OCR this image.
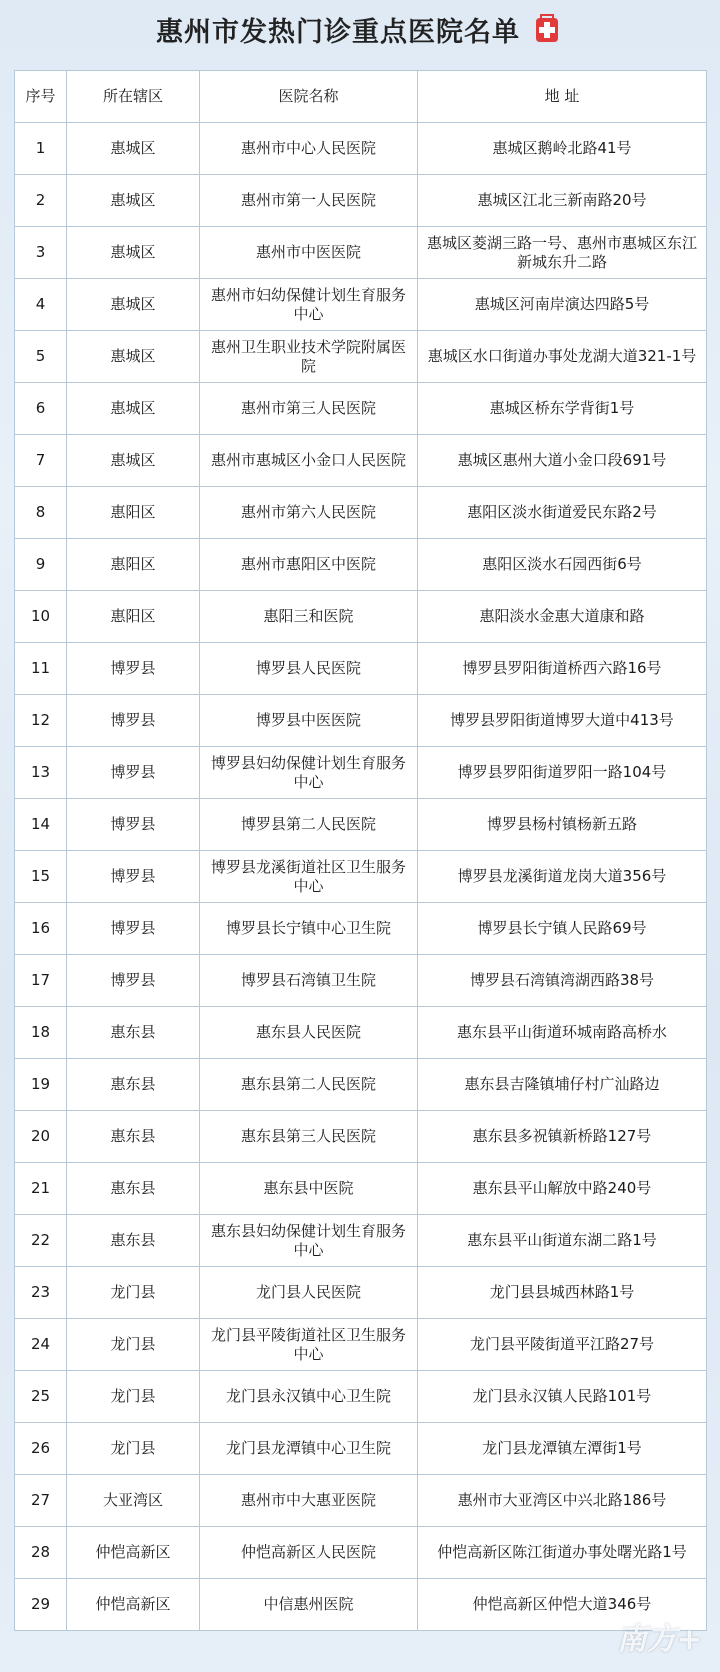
惠州市发热门诊重点医院名单
序号	所在辖区	医院名称	地 址
1	惠城区	惠州市中心人民医院	惠城区鹅岭北路41号
2	惠城区	惠州市第一人民医院	惠城区江北三新南路20号
3	惠城区	惠州市中医医院	惠城区菱湖三路一号、惠州市惠城区东江新城东升二路
4	惠城区	惠州市妇幼保健计划生育服务中心	惠城区河南岸演达四路5号
5	惠城区	惠州卫生职业技术学院附属医院	惠城区水口街道办事处龙湖大道321-1号
6	惠城区	惠州市第三人民医院	惠城区桥东学背街1号
7	惠城区	惠州市惠城区小金口人民医院	惠城区惠州大道小金口段691号
8	惠阳区	惠州市第六人民医院	惠阳区淡水街道爱民东路2号
9	惠阳区	惠州市惠阳区中医院	惠阳区淡水石园西街6号
10	惠阳区	惠阳三和医院	惠阳淡水金惠大道康和路
11	博罗县	博罗县人民医院	博罗县罗阳街道桥西六路16号
12	博罗县	博罗县中医医院	博罗县罗阳街道博罗大道中413号
13	博罗县	博罗县妇幼保健计划生育服务中心	博罗县罗阳街道罗阳一路104号
14	博罗县	博罗县第二人民医院	博罗县杨村镇杨新五路
15	博罗县	博罗县龙溪街道社区卫生服务中心	博罗县龙溪街道龙岗大道356号
16	博罗县	博罗县长宁镇中心卫生院	博罗县长宁镇人民路69号
17	博罗县	博罗县石湾镇卫生院	博罗县石湾镇湾湖西路38号
18	惠东县	惠东县人民医院	惠东县平山街道环城南路高桥水
19	惠东县	惠东县第二人民医院	惠东县吉隆镇埔仔村广汕路边
20	惠东县	惠东县第三人民医院	惠东县多祝镇新桥路127号
21	惠东县	惠东县中医院	惠东县平山解放中路240号
22	惠东县	惠东县妇幼保健计划生育服务中心	惠东县平山街道东湖二路1号
23	龙门县	龙门县人民医院	龙门县县城西林路1号
24	龙门县	龙门县平陵街道社区卫生服务中心	龙门县平陵街道平江路27号
25	龙门县	龙门县永汉镇中心卫生院	龙门县永汉镇人民路101号
26	龙门县	龙门县龙潭镇中心卫生院	龙门县龙潭镇左潭街1号
27	大亚湾区	惠州市中大惠亚医院	惠州市大亚湾区中兴北路186号
28	仲恺高新区	仲恺高新区人民医院	仲恺高新区陈江街道办事处曙光路1号
29	仲恺高新区	中信惠州医院	仲恺高新区仲恺大道346号
南方+
